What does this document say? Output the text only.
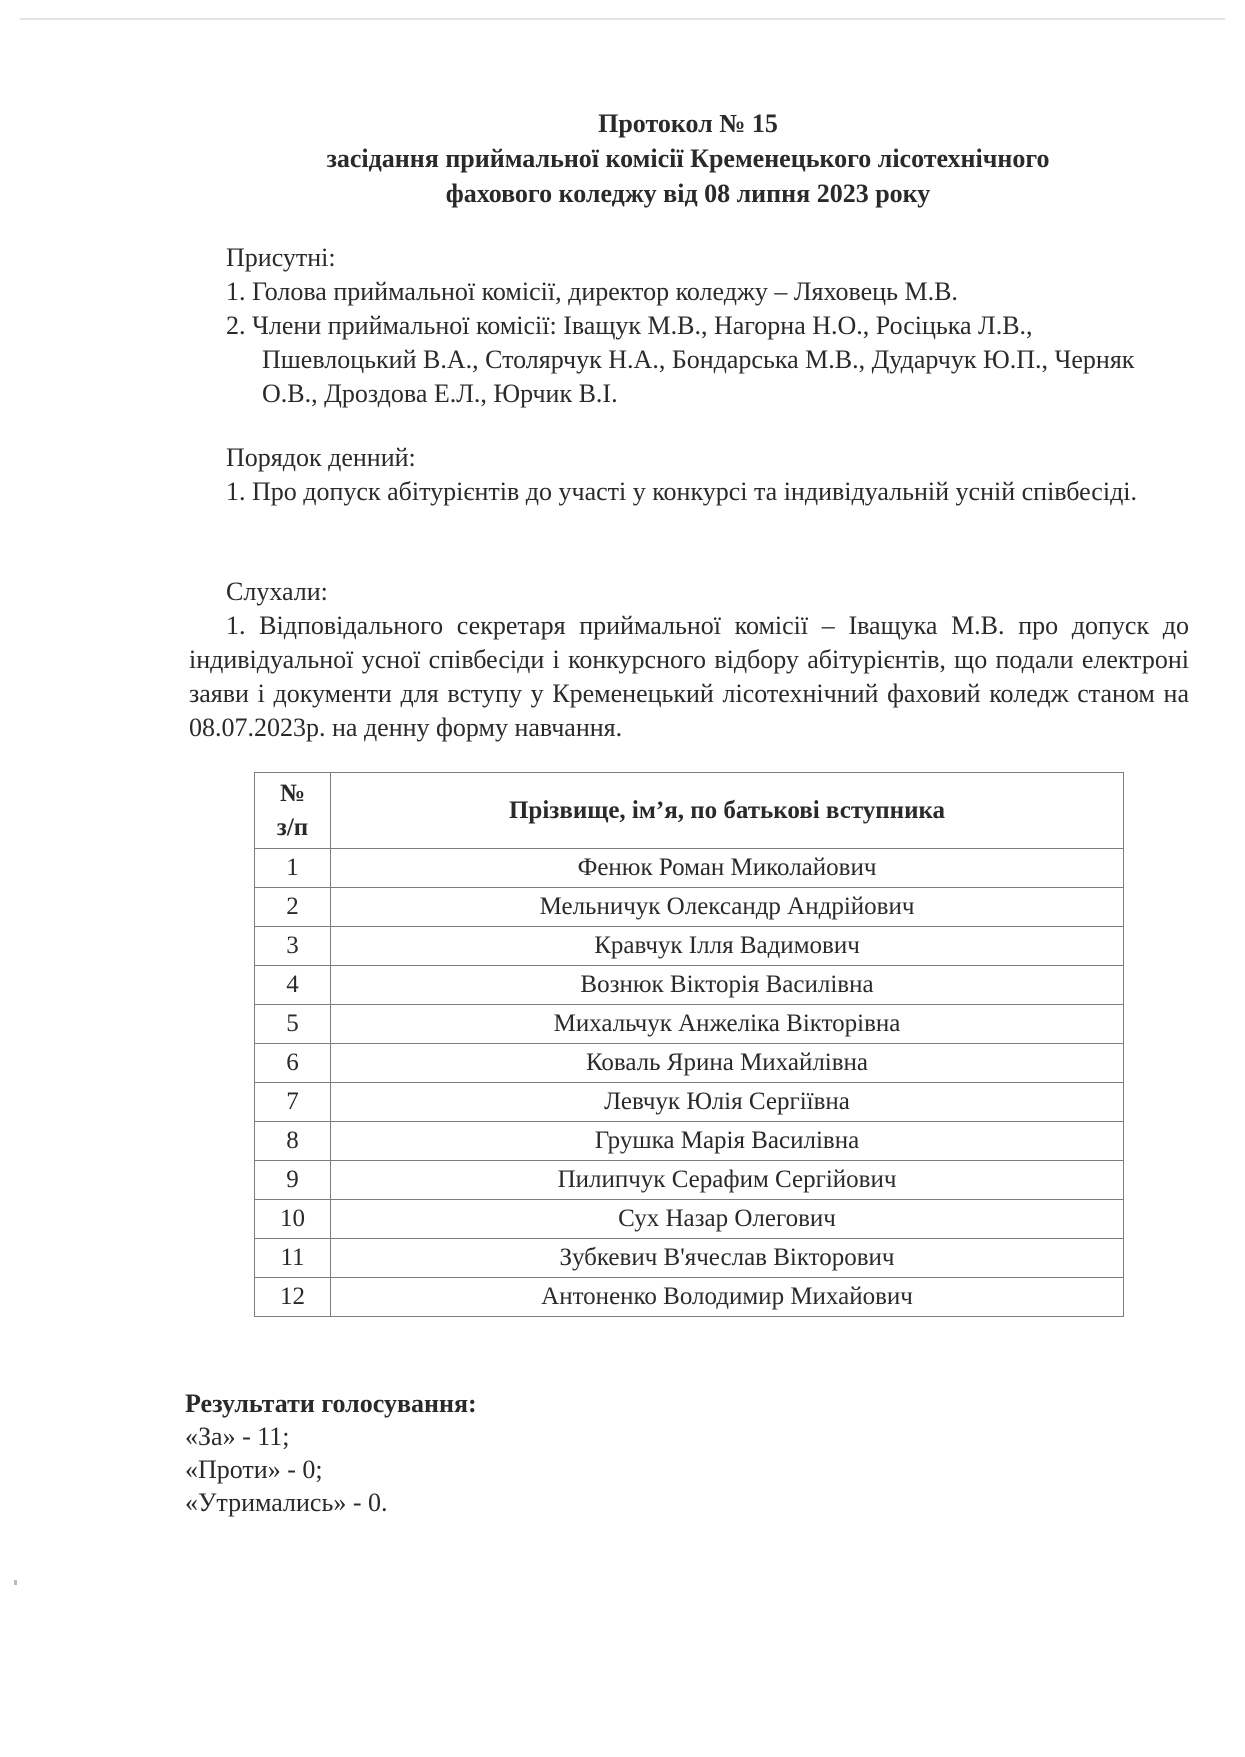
Протокол № 15
засідання приймальної комісії Кременецького лісотехнічного
фахового коледжу від 08 липня 2023 року

Присутні:

1. Голова приймальної комісії, директор коледжу – Ляховець М.В.

2. Члени приймальної комісії: Іващук М.В., Нагорна Н.О., Росіцька Л.В., Пшевлоцький В.А., Столярчук Н.А., Бондарська М.В., Дударчук Ю.П., Черняк О.В., Дроздова Е.Л., Юрчик В.І.

Порядок денний:

1. Про допуск абітурієнтів до участі у конкурсі та індивідуальній усній співбесіді.

Слухали:

1. Відповідального секретаря приймальної комісії – Іващука М.В. про допуск до індивідуальної усної співбесіди і конкурсного відбору абітурієнтів, що подали електроні заяви і документи для вступу у Кременецький лісотехнічний фаховий коледж станом на 08.07.2023р. на денну форму навчання.

№
з/п	Прізвище, ім’я, по батькові вступника
1	Фенюк Роман Миколайович
2	Мельничук Олександр Андрійович
3	Кравчук Ілля Вадимович
4	Вознюк Вікторія Василівна
5	Михальчук Анжеліка Вікторівна
6	Коваль Ярина Михайлівна
7	Левчук Юлія Сергіївна
8	Грушка Марія Василівна
9	Пилипчук Серафим Сергійович
10	Сух Назар Олегович
11	Зубкевич В'ячеслав Вікторович
12	Антоненко Володимир Михайович

Результати голосування:

«За» - 11;

«Проти» - 0;

«Утримались» - 0.
